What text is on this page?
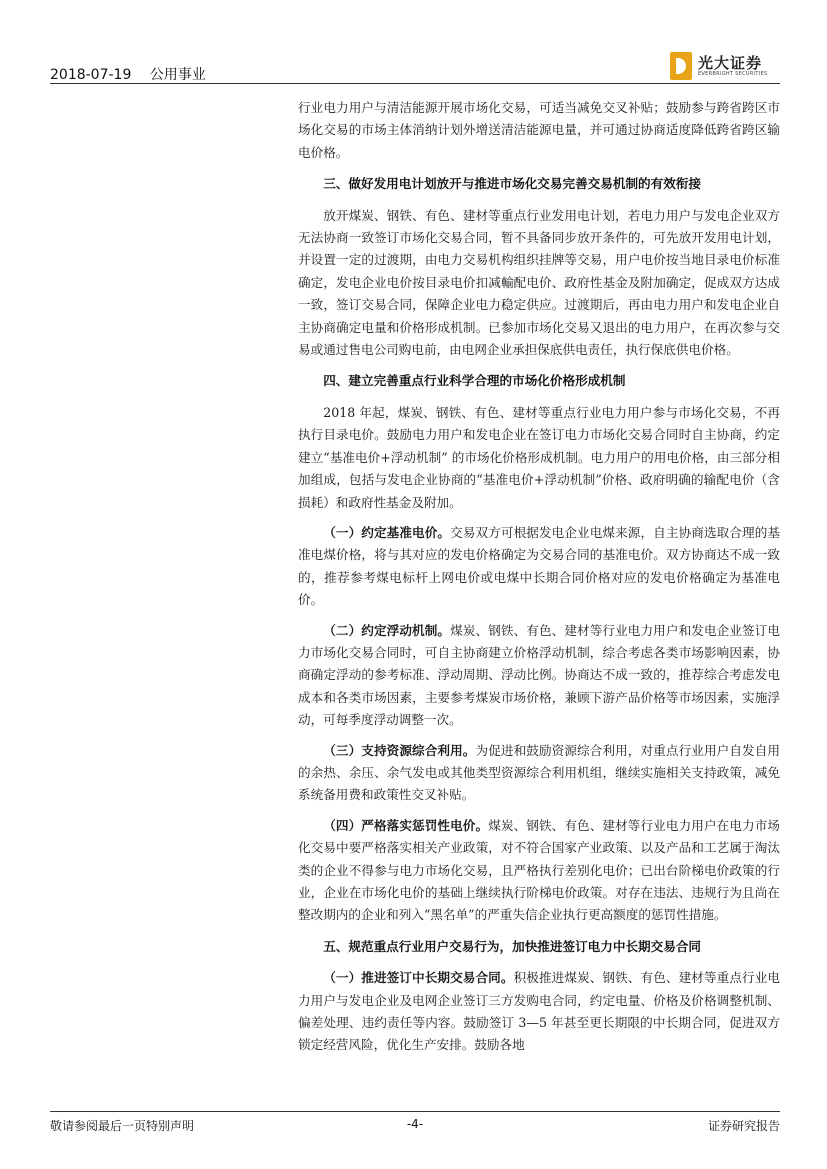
2018-07-19　 公用事业
光大证券
EVERBRIGHT SECURITIES

行业电力用户与清洁能源开展市场化交易，可适当减免交叉补贴；鼓励参与跨省跨区市场化交易的市场主体消纳计划外增送清洁能源电量，并可通过协商适度降低跨省跨区输电价格。

三、做好发用电计划放开与推进市场化交易完善交易机制的有效衔接

放开煤炭、钢铁、有色、建材等重点行业发用电计划，若电力用户与发电企业双方无法协商一致签订市场化交易合同，暂不具备同步放开条件的，可先放开发用电计划，并设置一定的过渡期，由电力交易机构组织挂牌等交易，用户电价按当地目录电价标准确定，发电企业电价按目录电价扣减輸配电价、政府性基金及附加确定，促成双方达成一致，签订交易合同，保障企业电力稳定供应。过渡期后，再由电力用户和发电企业自主协商确定电量和价格形成机制。已参加市场化交易又退出的电力用户，在再次参与交易或通过售电公司购电前，由电网企业承担保底供电责任，执行保底供电价格。

四、建立完善重点行业科学合理的市场化价格形成机制

2018 年起，煤炭、钢铁、有色、建材等重点行业电力用户参与市场化交易，不再执行目录电价。鼓励电力用户和发电企业在签订电力市场化交易合同时自主协商，约定建立“基准电价+浮动机制” 的市场化价格形成机制。电力用户的用电价格，由三部分相加组成，包括与发电企业协商的“基准电价+浮动机制”价格、政府明确的输配电价（含损耗）和政府性基金及附加。

（一）约定基准电价。交易双方可根据发电企业电煤来源，自主协商选取合理的基准电煤价格，将与其对应的发电价格确定为交易合同的基准电价。双方协商达不成一致的，推荐参考煤电标杆上网电价或电煤中长期合同价格对应的发电价格确定为基准电价。

（二）约定浮动机制。煤炭、钢铁、有色、建材等行业电力用户和发电企业签订电力市场化交易合同时，可自主协商建立价格浮动机制，综合考虑各类市场影响因素，协商确定浮动的参考标准、浮动周期、浮动比例。协商达不成一致的，推荐综合考虑发电成本和各类市场因素，主要参考煤炭市场价格，兼顾下游产品价格等市场因素，实施浮动，可每季度浮动调整一次。

（三）支持资源综合利用。为促进和鼓励资源综合利用，对重点行业用户自发自用的余热、余压、余气发电或其他类型资源综合利用机组，继续实施相关支持政策，减免系统备用费和政策性交叉补贴。

（四）严格落实惩罚性电价。煤炭、钢铁、有色、建材等行业电力用户在电力市场化交易中要严格落实相关产业政策，对不符合国家产业政策、以及产品和工艺属于淘汰类的企业不得参与电力市场化交易，且严格执行差别化电价；已出台阶梯电价政策的行业，企业在市场化电价的基础上继续执行阶梯电价政策。对存在违法、违规行为且尚在整改期内的企业和列入“黑名单”的严重失信企业执行更高额度的惩罚性措施。

五、规范重点行业用户交易行为，加快推进签订电力中长期交易合同

（一）推进签订中长期交易合同。积极推进煤炭、钢铁、有色、建材等重点行业电力用户与发电企业及电网企业签订三方发购电合同，约定电量、价格及价格调整机制、偏差处理、违约责任等内容。鼓励签订 3—5 年甚至更长期限的中长期合同，促进双方锁定经营风险，优化生产安排。鼓励各地

敬请参阅最后一页特别声明	-4-	证券研究报告
